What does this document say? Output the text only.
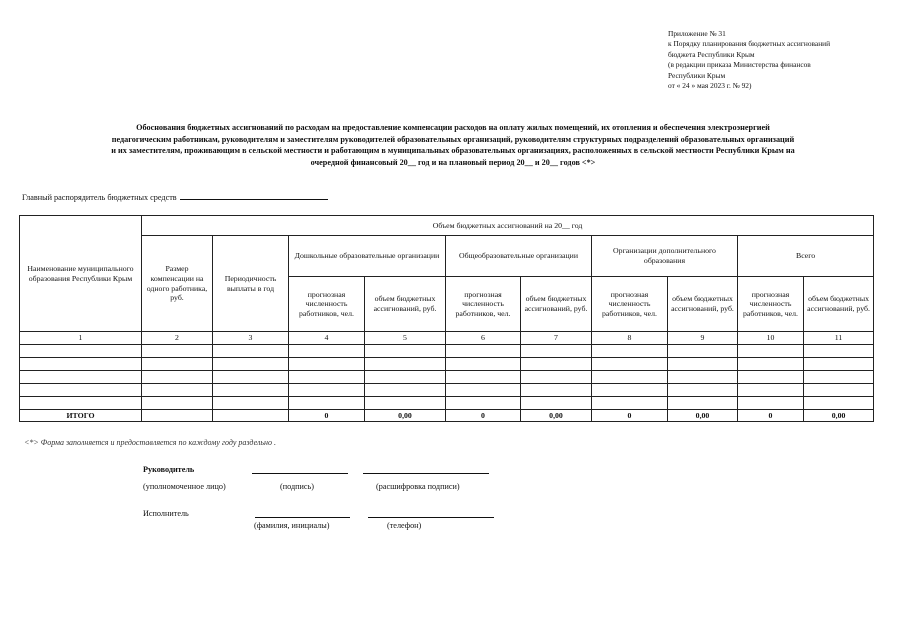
Приложение № 31
к Порядку планирования бюджетных ассигнований
бюджета Республики Крым
(в редакции приказа Министерства финансов
Республики Крым
от « 24 » мая 2023 г. № 92)
Обоснования бюджетных ассигнований по расходам на предоставление компенсации расходов на оплату жилых помещений, их отопления и обеспечения электроэнергией
педагогическим работникам, руководителям и заместителям руководителей образовательных организаций, руководителям структурных подразделений образовательных организаций
и их заместителям, проживающим в сельской местности и работающим в муниципальных образовательных организациях, расположенных в сельской местности Республики Крым на
очередной финансовый 20__ год и на плановый период 20__ и 20__ годов <*>
Главный распорядитель бюджетных средств
Наименование муниципального образования Республики Крым	Объем бюджетных ассигнований на 20__ год									
	Размер компенсации на одного работника, руб.	Периодичность выплаты в год	Дошкольные образовательные организации		Общеобразовательные организации		Организации дополнительного образования		Всего	
			прогнозная численность работников, чел.	объем бюджетных ассигнований, руб.	прогнозная численность работников, чел.	объем бюджетных ассигнований, руб.	прогнозная численность работников, чел.	объем бюджетных ассигнований, руб.	прогнозная численность работников, чел.	объем бюджетных ассигнований, руб.
1	2	3	4	5	6	7	8	9	10	11

ИТОГО			0	0,00	0	0,00	0	0,00	0	0,00
<*> Форма заполняется и предоставляется по каждому году раздельно .
Руководитель
(уполномоченное лицо)	(подпись)	(расшифровка подписи)
Исполнитель
(фамилия, инициалы)	(телефон)
